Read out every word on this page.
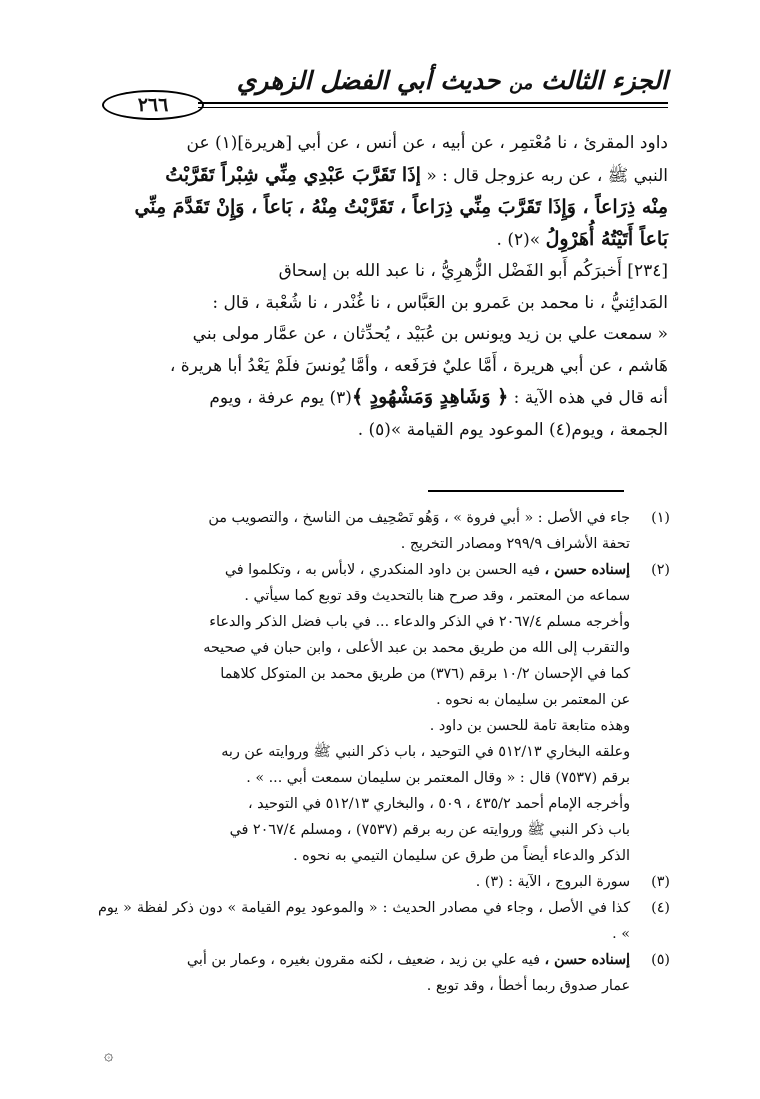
٢٦٦
الجزء الثالث من حديث أبي الفضل الزهري

داود المقرئ ، نا مُعْتمِر ، عن أبيه ، عن أنس ، عن أبي [هريرة](١) عن

النبي ﷺ ، عن ربه عزوجل قال : « إذَا تَقَرَّبَ عَبْدِي مِنِّي شِبْراً تَقَرَّبْتُ

مِنْه ذِرَاعاً ، وَإِذَا تَقَرَّبَ مِنِّي ذِرَاعاً ، تَقَرَّبْتُ مِنْهُ ، بَاعاً ، وَإِنْ تَقَدَّمَ مِنِّي

بَاعاً أَتَيْتُهُ أُهَرْوِلُ »(٢) .

[٢٣٤] أَخبرَكُم أَبو الفَضْل الزُّهرِيُّ ، نا عبد الله بن إسحاق

المَدائِنيُّ ، نا محمد بن عَمرو بن العَبَّاس ، نا غُنْدر ، نا شُعْبة ، قال :

« سمعت علي بن زيد ويونس بن عُبَيْد ، يُحدِّثان ، عن عمَّار مولى بني

هَاشم ، عن أبي هريرة ، أَمَّا عليٌ فرَفَعه ، وأمَّا يُونسَ فلَمْ يَعْدُ أبا هريرة ،

أنه قال في هذه الآية : ﴿ وَشَاهِدٍ وَمَشْهُودٍ ﴾(٣) يوم عرفة ، ويوم

الجمعة ، ويوم(٤) الموعود يوم القيامة »(٥) .

(١)
جاء في الأصل : « أبي فروة » ، وَهُو تَصْحِيف من الناسخ ، والتصويب من
تحفة الأشراف ٢٩٩/٩ ومصادر التخريج .
(٢)
إسناده حسن ، فيه الحسن بن داود المنكدري ، لابأس به ، وتكلموا في
سماعه من المعتمر ، وقد صرح هنا بالتحديث وقد توبع كما سيأتي .
وأخرجه مسلم ٢٠٦٧/٤ في الذكر والدعاء ... في باب فضل الذكر والدعاء
والتقرب إلى الله من طريق محمد بن عبد الأعلى ، وابن حبان في صحيحه
كما في الإحسان ١٠/٢ برقم (٣٧٦) من طريق محمد بن المتوكل كلاهما
عن المعتمر بن سليمان به نحوه .
وهذه متابعة تامة للحسن بن داود .
وعلقه البخاري ٥١٢/١٣ في التوحيد ، باب ذكر النبي ﷺ وروايته عن ربه
برقم (٧٥٣٧) قال : « وقال المعتمر بن سليمان سمعت أبي ... » .
وأخرجه الإمام أحمد ٤٣٥/٢ ، ٥٠٩ ، والبخاري ٥١٢/١٣ في التوحيد ،
باب ذكر النبي ﷺ وروايته عن ربه برقم (٧٥٣٧) ، ومسلم ٢٠٦٧/٤ في
الذكر والدعاء أيضاً من طرق عن سليمان التيمي به نحوه .
(٣)
سورة البروج ، الآية : (٣) .
(٤)
كذا في الأصل ، وجاء في مصادر الحديث : « والموعود يوم القيامة » دون ذكر لفظة « يوم » .
(٥)
إسناده حسن ، فيه علي بن زيد ، ضعيف ، لكنه مقرون بغيره ، وعمار بن أبي
عمار صدوق ربما أخطأ ، وقد توبع .
۞
